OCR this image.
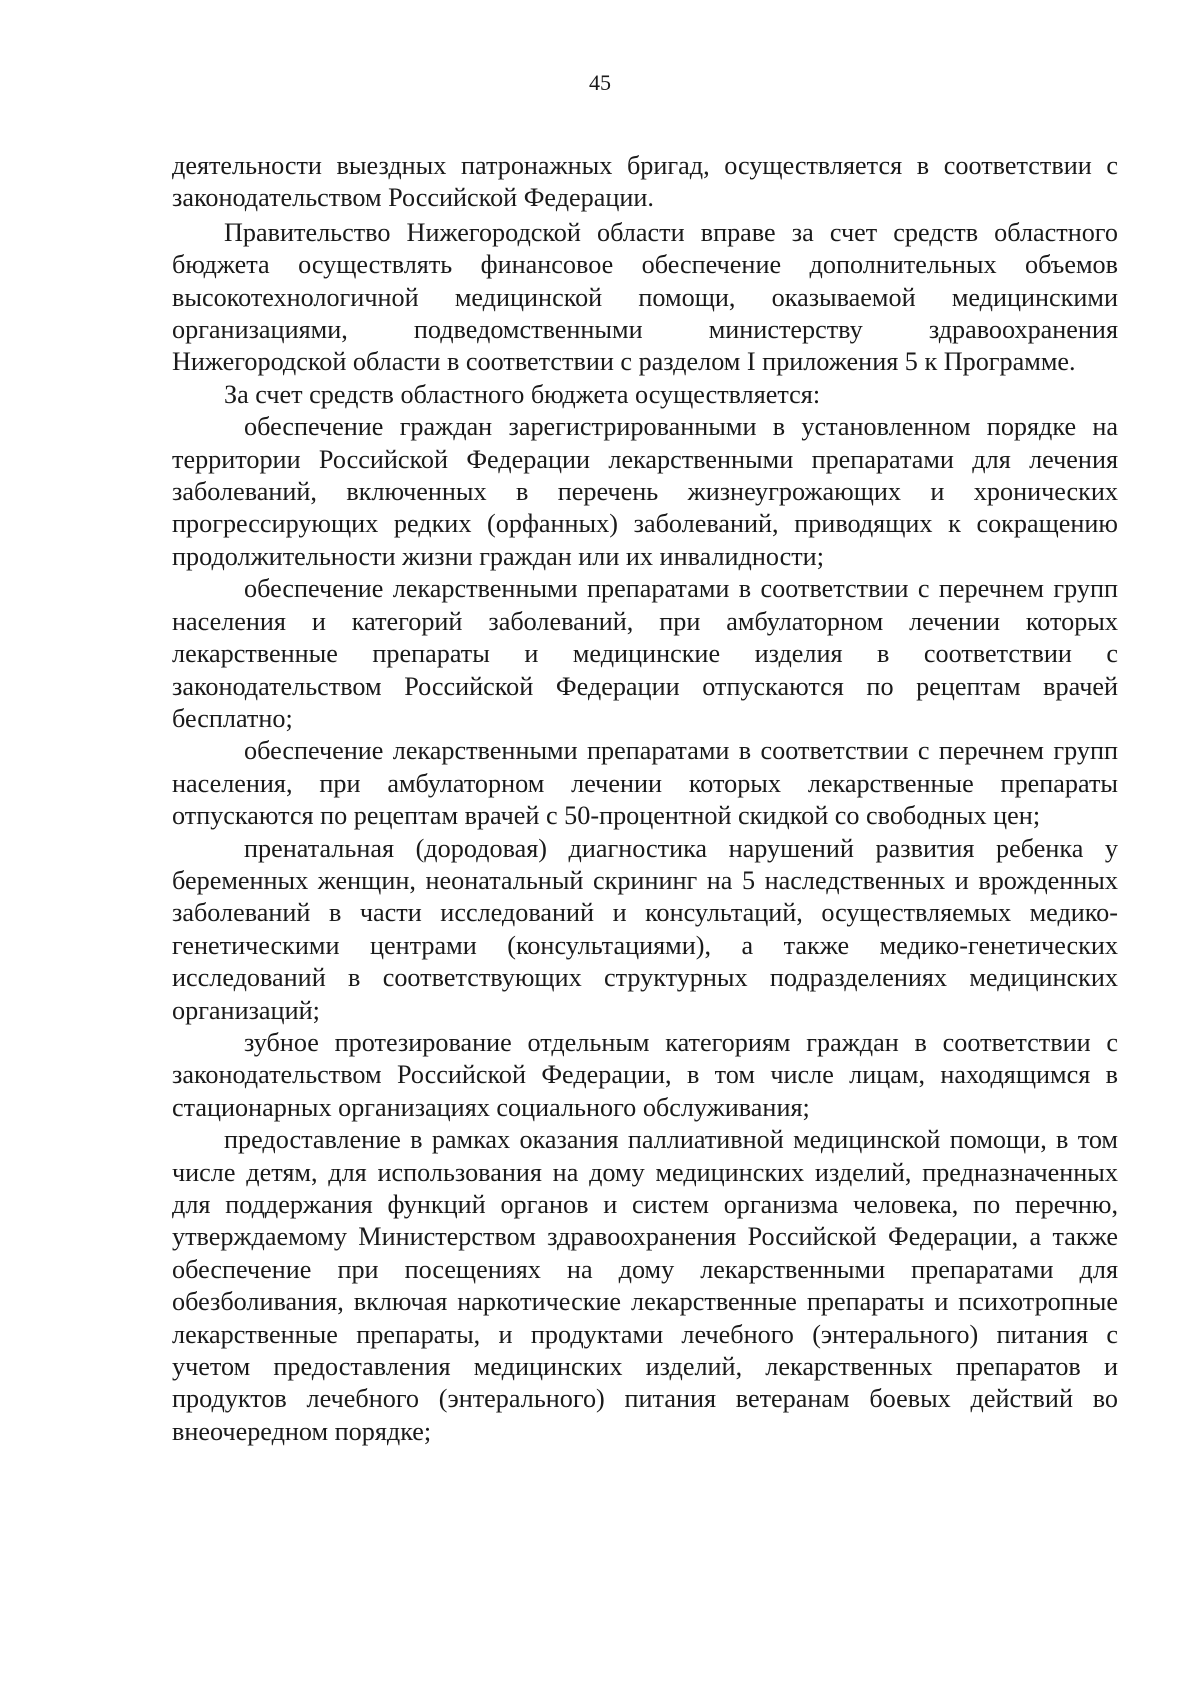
45

деятельности выездных патронажных бригад, осуществляется в соответствии с законодательством Российской Федерации.

Правительство Нижегородской области вправе за счет средств областного бюджета осуществлять финансовое обеспечение дополнительных объемов высокотехнологичной медицинской помощи, оказываемой медицинскими организациями, подведомственными министерству здравоохранения Нижегородской области в соответствии с разделом I приложения 5 к Программе.

За счет средств областного бюджета осуществляется:

обеспечение граждан зарегистрированными в установленном порядке на территории Российской Федерации лекарственными препаратами для лечения заболеваний, включенных в перечень жизнеугрожающих и хронических прогрессирующих редких (орфанных) заболеваний, приводящих к сокращению продолжительности жизни граждан или их инвалидности;

обеспечение лекарственными препаратами в соответствии с перечнем групп населения и категорий заболеваний, при амбулаторном лечении которых лекарственные препараты и медицинские изделия в соответствии с законодательством Российской Федерации отпускаются по рецептам врачей бесплатно;

обеспечение лекарственными препаратами в соответствии с перечнем групп населения, при амбулаторном лечении которых лекарственные препараты отпускаются по рецептам врачей с 50-процентной скидкой со свободных цен;

пренатальная (дородовая) диагностика нарушений развития ребенка у беременных женщин, неонатальный скрининг на 5 наследственных и врожденных заболеваний в части исследований и консультаций, осуществляемых медико-генетическими центрами (консультациями), а также медико-генетических исследований в соответствующих структурных подразделениях медицинских организаций;

зубное протезирование отдельным категориям граждан в соответствии с законодательством Российской Федерации, в том числе лицам, находящимся в стационарных организациях социального обслуживания;

предоставление в рамках оказания паллиативной медицинской помощи, в том числе детям, для использования на дому медицинских изделий, предназначенных для поддержания функций органов и систем организма человека, по перечню, утверждаемому Министерством здравоохранения Российской Федерации, а также обеспечение при посещениях на дому лекарственными препаратами для обезболивания, включая наркотические лекарственные препараты и психотропные лекарственные препараты, и продуктами лечебного (энтерального) питания с учетом предоставления медицинских изделий, лекарственных препаратов и продуктов лечебного (энтерального) питания ветеранам боевых действий во внеочередном порядке;
